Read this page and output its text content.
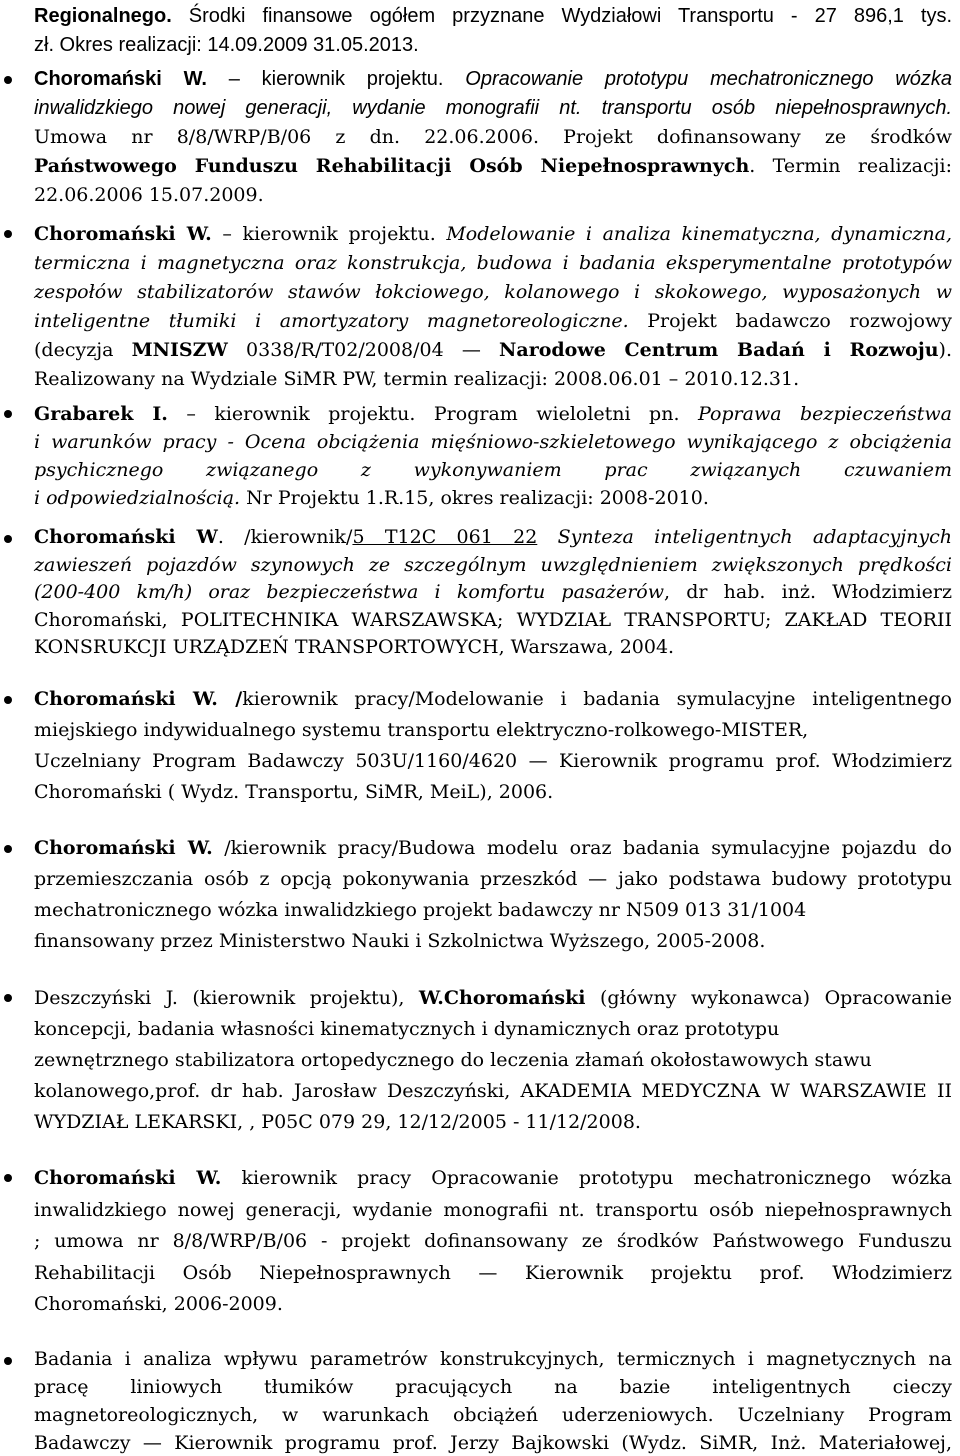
Regionalnego. Środki finansowe ogółem przyznane Wydziałowi Transportu - 27 896,1 tys.
zł. Okres realizacji: 14.09.2009 31.05.2013.
Choromański W. – kierownik projektu. Opracowanie prototypu mechatronicznego wózka
inwalidzkiego nowej generacji, wydanie monografii nt. transportu osób niepełnosprawnych.
Umowa nr 8/8/WRP/B/06 z dn. 22.06.2006. Projekt dofinansowany ze środków
Państwowego Funduszu Rehabilitacji Osób Niepełnosprawnych. Termin realizacji:
22.06.2006 15.07.2009.
Choromański W. – kierownik projektu. Modelowanie i analiza kinematyczna, dynamiczna,
termiczna i magnetyczna oraz konstrukcja, budowa i badania eksperymentalne prototypów
zespołów stabilizatorów stawów łokciowego, kolanowego i skokowego, wyposażonych w
inteligentne tłumiki i amortyzatory magnetoreologiczne. Projekt badawczo rozwojowy
(decyzja MNISZW 0338/R/T02/2008/04 — Narodowe Centrum Badań i Rozwoju).
Realizowany na Wydziale SiMR PW, termin realizacji: 2008.06.01 – 2010.12.31.
Grabarek I. – kierownik projektu. Program wieloletni pn. Poprawa bezpieczeństwa
i warunków pracy - Ocena obciążenia mięśniowo-szkieletowego wynikającego z obciążenia
psychicznego związanego z wykonywaniem prac związanych czuwaniem
i odpowiedzialnością. Nr Projektu 1.R.15, okres realizacji: 2008-2010.
Choromański W. /kierownik/5 T12C 061 22 Synteza inteligentnych adaptacyjnych
zawieszeń pojazdów szynowych ze szczególnym uwzględnieniem zwiększonych prędkości
(200-400 km/h) oraz bezpieczeństwa i komfortu pasażerów, dr hab. inż. Włodzimierz
Choromański, POLITECHNIKA WARSZAWSKA; WYDZIAŁ TRANSPORTU; ZAKŁAD TEORII
KONSRUKCJI URZĄDZEŃ TRANSPORTOWYCH, Warszawa, 2004.
Choromański W. /kierownik pracy/Modelowanie i badania symulacyjne inteligentnego
miejskiego indywidualnego systemu transportu elektryczno-rolkowego-MISTER,
Uczelniany Program Badawczy 503U/1160/4620 — Kierownik programu prof. Włodzimierz
Choromański ( Wydz. Transportu, SiMR, MeiL), 2006.
Choromański W. /kierownik pracy/Budowa modelu oraz badania symulacyjne pojazdu do
przemieszczania osób z opcją pokonywania przeszkód — jako podstawa budowy prototypu
mechatronicznego wózka inwalidzkiego projekt badawczy nr N509 013 31/1004
finansowany przez Ministerstwo Nauki i Szkolnictwa Wyższego, 2005-2008.
Deszczyński J. (kierownik projektu), W.Choromański (główny wykonawca) Opracowanie
koncepcji, badania własności kinematycznych i dynamicznych oraz prototypu
zewnętrznego stabilizatora ortopedycznego do leczenia złamań okołostawowych stawu
kolanowego,prof. dr hab. Jarosław Deszczyński, AKADEMIA MEDYCZNA W WARSZAWIE II
WYDZIAŁ LEKARSKI, , P05C 079 29, 12/12/2005 - 11/12/2008.
Choromański W. kierownik pracy Opracowanie prototypu mechatronicznego wózka
inwalidzkiego nowej generacji, wydanie monografii nt. transportu osób niepełnosprawnych
; umowa nr 8/8/WRP/B/06 - projekt dofinansowany ze środków Państwowego Funduszu
Rehabilitacji Osób Niepełnosprawnych — Kierownik projektu prof. Włodzimierz
Choromański, 2006-2009.
Badania i analiza wpływu parametrów konstrukcyjnych, termicznych i magnetycznych na
pracę liniowych tłumików pracujących na bazie inteligentnych cieczy
magnetoreologicznych, w warunkach obciążeń uderzeniowych. Uczelniany Program
Badawczy — Kierownik programu prof. Jerzy Bajkowski (Wydz. SiMR, Inż. Materiałowej,
